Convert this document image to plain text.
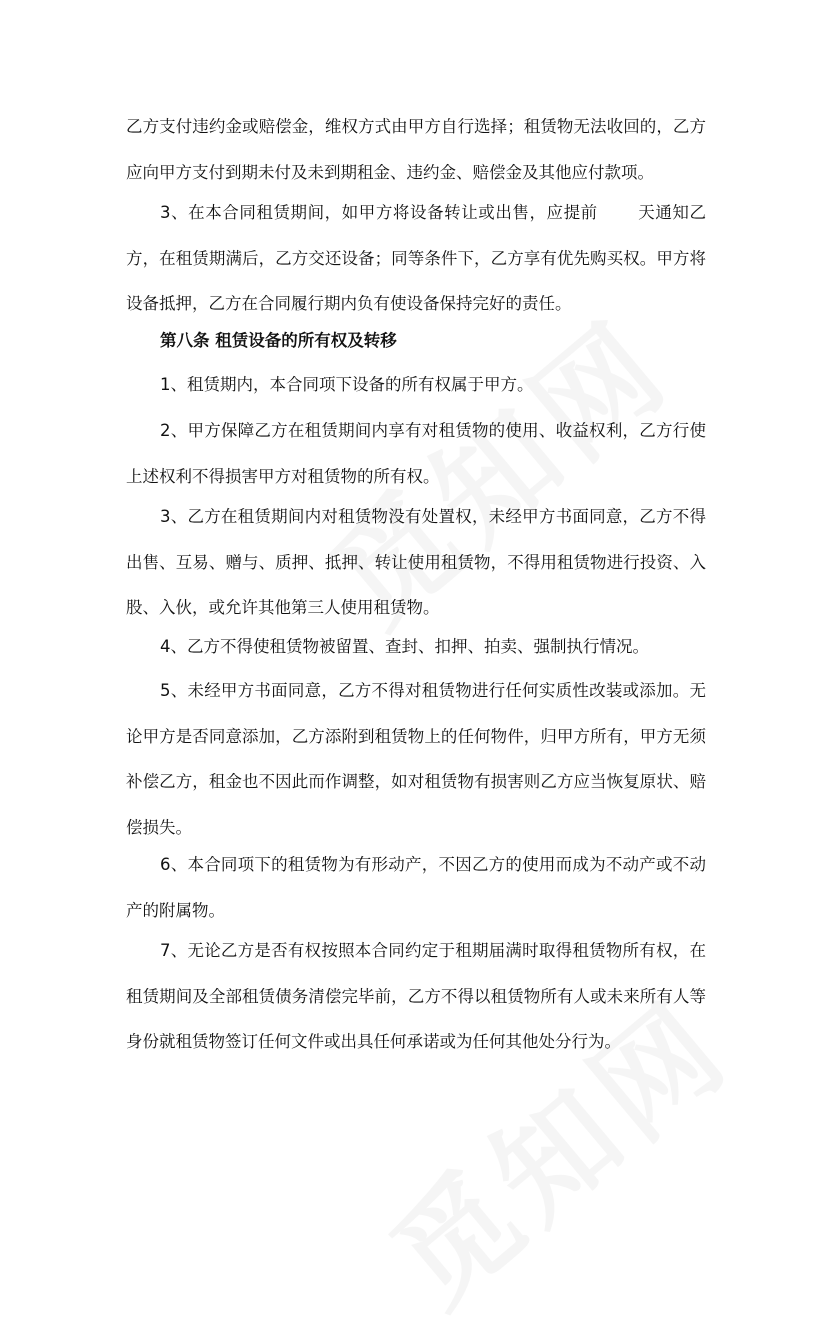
乙方支付违约金或赔偿金，维权方式由甲方自行选择；租赁物无法收回的，乙方应向甲方支付到期未付及未到期租金、违约金、赔偿金及其他应付款项。

3、在本合同租赁期间，如甲方将设备转让或出售，应提前 天通知乙方，在租赁期满后，乙方交还设备；同等条件下，乙方享有优先购买权。甲方将设备抵押，乙方在合同履行期内负有使设备保持完好的责任。

第八条 租赁设备的所有权及转移

1、租赁期内，本合同项下设备的所有权属于甲方。

2、甲方保障乙方在租赁期间内享有对租赁物的使用、收益权利，乙方行使上述权利不得损害甲方对租赁物的所有权。

3、乙方在租赁期间内对租赁物没有处置权，未经甲方书面同意，乙方不得出售、互易、赠与、质押、抵押、转让使用租赁物，不得用租赁物进行投资、入股、入伙，或允许其他第三人使用租赁物。

4、乙方不得使租赁物被留置、查封、扣押、拍卖、强制执行情况。

5、未经甲方书面同意，乙方不得对租赁物进行任何实质性改装或添加。无论甲方是否同意添加，乙方添附到租赁物上的任何物件，归甲方所有，甲方无须补偿乙方，租金也不因此而作调整，如对租赁物有损害则乙方应当恢复原状、赔偿损失。

6、本合同项下的租赁物为有形动产，不因乙方的使用而成为不动产或不动产的附属物。

7、无论乙方是否有权按照本合同约定于租期届满时取得租赁物所有权，在租赁期间及全部租赁债务清偿完毕前，乙方不得以租赁物所有人或未来所有人等身份就租赁物签订任何文件或出具任何承诺或为任何其他处分行为。
